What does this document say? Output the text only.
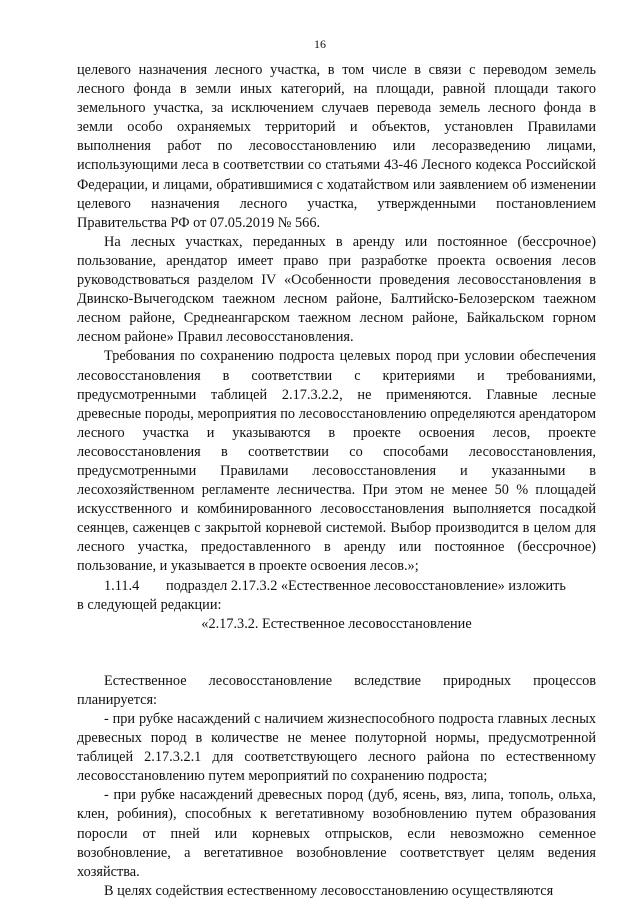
16

целевого назначения лесного участка, в том числе в связи с переводом земель лесного фонда в земли иных категорий, на площади, равной площади такого земельного участка, за исключением случаев перевода земель лесного фонда в земли особо охраняемых территорий и объектов, установлен Правилами выполнения работ по лесовосстановлению или лесоразведению лицами, использующими леса в соответствии со статьями 43-46 Лесного кодекса Российской Федерации, и лицами, обратившимися с ходатайством или заявлением об изменении целевого назначения лесного участка, утвержденными постановлением Правительства РФ от 07.05.2019 № 566.

На лесных участках, переданных в аренду или постоянное (бессрочное) пользование, арендатор имеет право при разработке проекта освоения лесов руководствоваться разделом IV «Особенности проведения лесовосстановления в Двинско-Вычегодском таежном лесном районе, Балтийско-Белозерском таежном лесном районе, Среднеангарском таежном лесном районе, Байкальском горном лесном районе» Правил лесовосстановления.

Требования по сохранению подроста целевых пород при условии обеспечения лесовосстановления в соответствии с критериями и требованиями, предусмотренными таблицей 2.17.3.2.2, не применяются. Главные лесные древесные породы, мероприятия по лесовосстановлению определяются арендатором лесного участка и указываются в проекте освоения лесов, проекте лесовосстановления в соответствии со способами лесовосстановления, предусмотренными Правилами лесовосстановления и указанными в лесохозяйственном регламенте лесничества. При этом не менее 50 % площадей искусственного и комбинированного лесовосстановления выполняется посадкой сеянцев, саженцев с закрытой корневой системой. Выбор производится в целом для лесного участка, предоставленного в аренду или постоянное (бессрочное) пользование, и указывается в проекте освоения лесов.»;

1.11.4 подраздел 2.17.3.2 «Естественное лесовосстановление» изложить
в следующей редакции:
«2.17.3.2. Естественное лесовосстановление

Естественное лесовосстановление вследствие природных процессов планируется:

- при рубке насаждений с наличием жизнеспособного подроста главных лесных древесных пород в количестве не менее полуторной нормы, предусмотренной таблицей 2.17.3.2.1 для соответствующего лесного района по естественному лесовосстановлению путем мероприятий по сохранению подроста;

- при рубке насаждений древесных пород (дуб, ясень, вяз, липа, тополь, ольха, клен, робиния), способных к вегетативному возобновлению путем образования поросли от пней или корневых отпрысков, если невозможно семенное возобновление, а вегетативное возобновление соответствует целям ведения хозяйства.

В целях содействия естественному лесовосстановлению осуществляются
